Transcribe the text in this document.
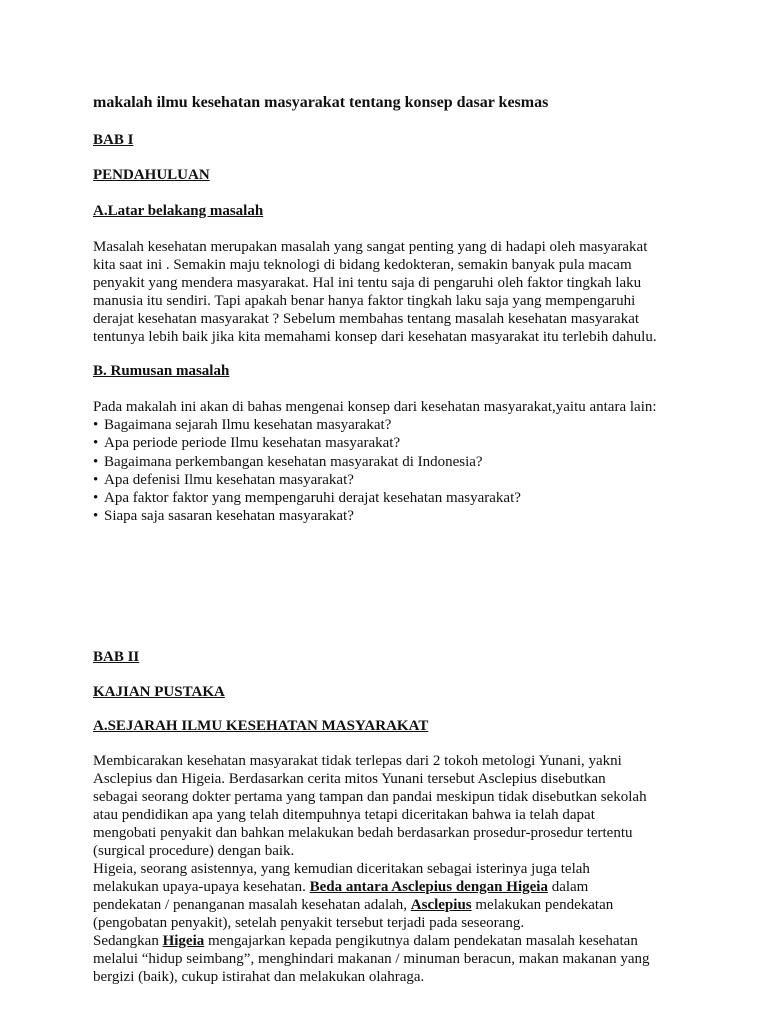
makalah ilmu kesehatan masyarakat tentang konsep dasar kesmas
BAB I
PENDAHULUAN
A.Latar belakang masalah
Masalah kesehatan merupakan masalah yang sangat penting yang di hadapi oleh masyarakat
kita saat ini . Semakin maju teknologi di bidang kedokteran, semakin banyak pula macam
penyakit yang mendera masyarakat. Hal ini tentu saja di pengaruhi oleh faktor tingkah laku
manusia itu sendiri. Tapi apakah benar hanya faktor tingkah laku saja yang mempengaruhi
derajat kesehatan masyarakat ? Sebelum membahas tentang masalah kesehatan masyarakat
tentunya lebih baik jika kita memahami konsep dari kesehatan masyarakat itu terlebih dahulu.
B. Rumusan masalah
Pada makalah ini akan di bahas mengenai konsep dari kesehatan masyarakat,yaitu antara lain:
• Bagaimana sejarah Ilmu kesehatan masyarakat?
• Apa periode periode Ilmu kesehatan masyarakat?
• Bagaimana perkembangan kesehatan masyarakat di Indonesia?
• Apa defenisi Ilmu kesehatan masyarakat?
• Apa faktor faktor yang mempengaruhi derajat kesehatan masyarakat?
• Siapa saja sasaran kesehatan masyarakat?
BAB II
KAJIAN PUSTAKA
A.SEJARAH ILMU KESEHATAN MASYARAKAT
Membicarakan kesehatan masyarakat tidak terlepas dari 2 tokoh metologi Yunani, yakni
Asclepius dan Higeia. Berdasarkan cerita mitos Yunani tersebut Asclepius disebutkan
sebagai seorang dokter pertama yang tampan dan pandai meskipun tidak disebutkan sekolah
atau pendidikan apa yang telah ditempuhnya tetapi diceritakan bahwa ia telah dapat
mengobati penyakit dan bahkan melakukan bedah berdasarkan prosedur-prosedur tertentu
(surgical procedure) dengan baik.
Higeia, seorang asistennya, yang kemudian diceritakan sebagai isterinya juga telah
melakukan upaya-upaya kesehatan. Beda antara Asclepius dengan Higeia dalam
pendekatan / penanganan masalah kesehatan adalah, Asclepius melakukan pendekatan
(pengobatan penyakit), setelah penyakit tersebut terjadi pada seseorang.
Sedangkan Higeia mengajarkan kepada pengikutnya dalam pendekatan masalah kesehatan
melalui “hidup seimbang”, menghindari makanan / minuman beracun, makan makanan yang
bergizi (baik), cukup istirahat dan melakukan olahraga.
